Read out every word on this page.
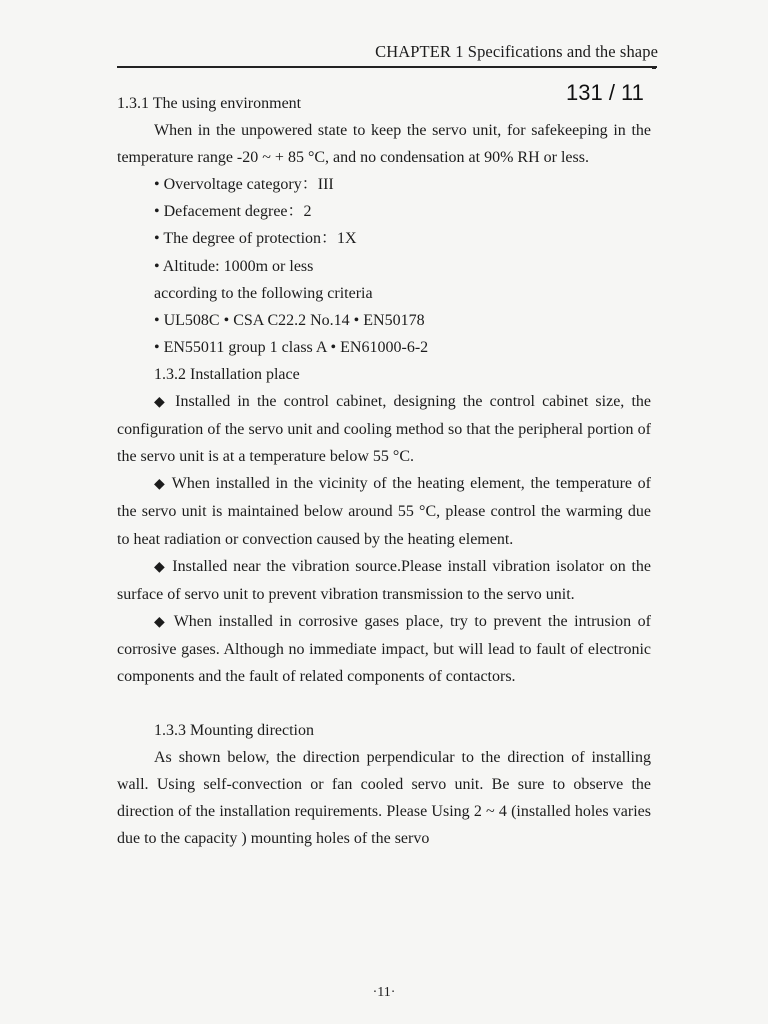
CHAPTER 1 Specifications and the shape
131 / 11

1.3.1 The using environment

When in the unpowered state to keep the servo unit, for safekeeping in the temperature range -20 ~ + 85 °C, and no condensation at 90% RH or less.

• Overvoltage category：III

• Defacement degree：2

• The degree of protection：1X

• Altitude: 1000m or less

according to the following criteria

• UL508C • CSA C22.2 No.14 • EN50178

• EN55011 group 1 class A • EN61000-6-2

1.3.2 Installation place

◆ Installed in the control cabinet, designing the control cabinet size, the configuration of the servo unit and cooling method so that the peripheral portion of the servo unit is at a temperature below 55 °C.

◆ When installed in the vicinity of the heating element, the temperature of the servo unit is maintained below around 55 °C, please control the warming due to heat radiation or convection caused by the heating element.

◆ Installed near the vibration source.Please install vibration isolator on the surface of servo unit to prevent vibration transmission to the servo unit.

◆ When installed in corrosive gases place, try to prevent the intrusion of corrosive gases. Although no immediate impact, but will lead to fault of electronic components and the fault of related components of contactors.

1.3.3 Mounting direction

As shown below, the direction perpendicular to the direction of installing wall. Using self-convection or fan cooled servo unit. Be sure to observe the direction of the installation requirements. Please Using 2 ~ 4 (installed holes varies due to the capacity ) mounting holes of the servo

·11·
